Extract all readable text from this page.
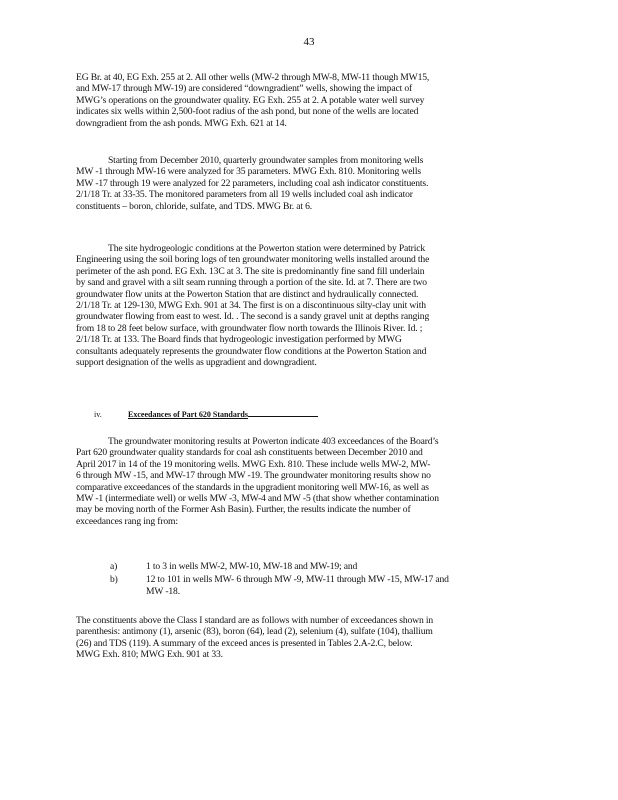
43
EG Br. at 40, EG Exh. 255 at 2. All other wells (MW-2 through MW-8, MW-11 though MW15,
and MW-17 through MW-19) are considered “downgradient” wells, showing the impact of
MWG’s operations on the groundwater quality. EG Exh. 255 at 2. A potable water well survey
indicates six wells within 2,500-foot radius of the ash pond, but none of the wells are located
downgradient from the ash ponds. MWG Exh. 621 at 14.
Starting from December 2010, quarterly groundwater samples from monitoring wells
MW -1 through MW-16 were analyzed for 35 parameters. MWG Exh. 810. Monitoring wells
MW -17 through 19 were analyzed for 22 parameters, including coal ash indicator constituents.
2/1/18 Tr. at 33-35. The monitored parameters from all 19 wells included coal ash indicator
constituents – boron, chloride, sulfate, and TDS. MWG Br. at 6.
The site hydrogeologic conditions at the Powerton station were determined by Patrick
Engineering using the soil boring logs of ten groundwater monitoring wells installed around the
perimeter of the ash pond. EG Exh. 13C at 3. The site is predominantly fine sand fill underlain
by sand and gravel with a silt seam running through a portion of the site. Id. at 7. There are two
groundwater flow units at the Powerton Station that are distinct and hydraulically connected.
2/1/18 Tr. at 129-130, MWG Exh. 901 at 34. The first is on a discontinuous silty-clay unit with
groundwater flowing from east to west. Id. . The second is a sandy gravel unit at depths ranging
from 18 to 28 feet below surface, with groundwater flow north towards the Illinois River. Id. ;
2/1/18 Tr. at 133. The Board finds that hydrogeologic investigation performed by MWG
consultants adequately represents the groundwater flow conditions at the Powerton Station and
support designation of the wells as upgradient and downgradient.
iv.	Exceedances of Part 620 Standards
The groundwater monitoring results at Powerton indicate 403 exceedances of the Board’s
Part 620 groundwater quality standards for coal ash constituents between December 2010 and
April 2017 in 14 of the 19 monitoring wells. MWG Exh. 810. These include wells MW-2, MW-
6 through MW -15, and MW-17 through MW -19. The groundwater monitoring results show no
comparative exceedances of the standards in the upgradient monitoring well MW-16, as well as
MW -1 (intermediate well) or wells MW -3, MW-4 and MW -5 (that show whether contamination
may be moving north of the Former Ash Basin). Further, the results indicate the number of
exceedances rang ing from:
a)	1 to 3 in wells MW-2, MW-10, MW-18 and MW-19; and
b)	12 to 101 in wells MW- 6 through MW -9, MW-11 through MW -15, MW-17 and
MW -18.
The constituents above the Class I standard are as follows with number of exceedances shown in
parenthesis: antimony (1), arsenic (83), boron (64), lead (2), selenium (4), sulfate (104), thallium
(26) and TDS (119). A summary of the exceed ances is presented in Tables 2.A-2.C, below.
MWG Exh. 810; MWG Exh. 901 at 33.
